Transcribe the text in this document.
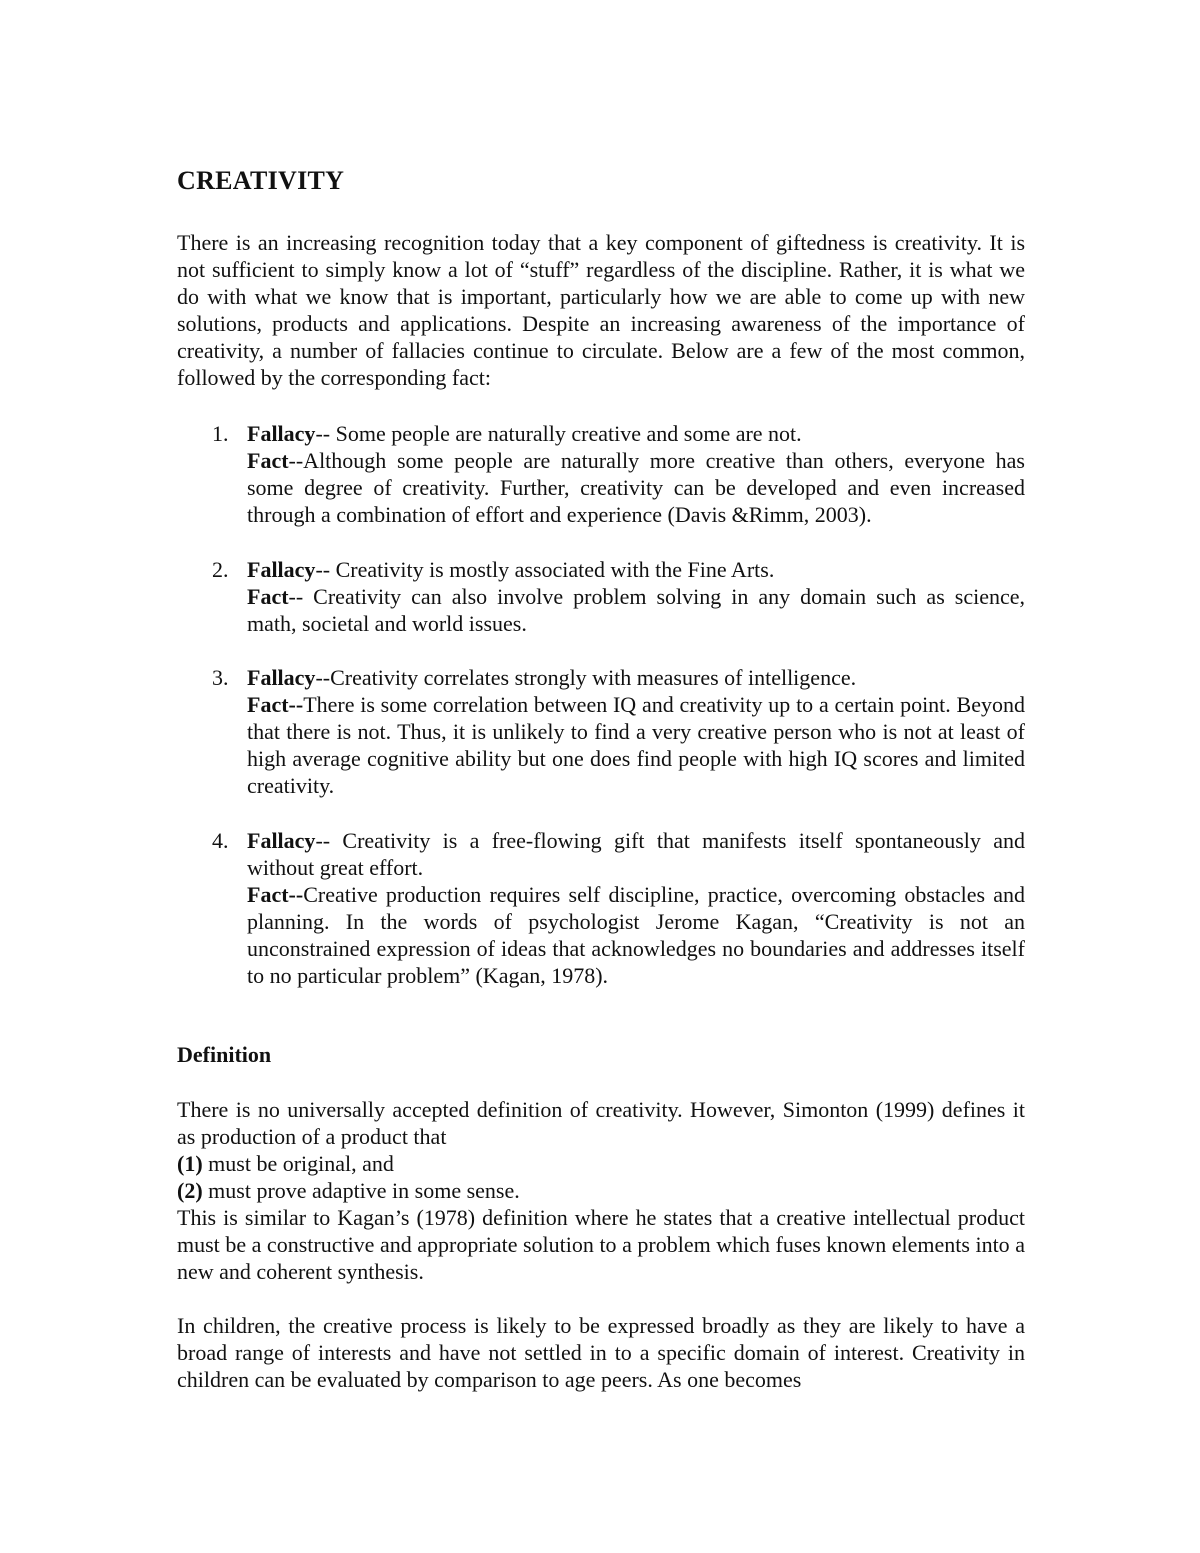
CREATIVITY

There is an increasing recognition today that a key component of giftedness is creativity. It is not sufficient to simply know a lot of “stuff” regardless of the discipline. Rather, it is what we do with what we know that is important, particularly how we are able to come up with new solutions, products and applications. Despite an increasing awareness of the importance of creativity, a number of fallacies continue to circulate. Below are a few of the most common, followed by the corresponding fact:

1. Fallacy-- Some people are naturally creative and some are not.

Fact--Although some people are naturally more creative than others, everyone has some degree of creativity. Further, creativity can be developed and even increased through a combination of effort and experience (Davis &Rimm, 2003).

2. Fallacy-- Creativity is mostly associated with the Fine Arts.

Fact-- Creativity can also involve problem solving in any domain such as science, math, societal and world issues.

3. Fallacy--Creativity correlates strongly with measures of intelligence.

Fact--There is some correlation between IQ and creativity up to a certain point. Beyond that there is not. Thus, it is unlikely to find a very creative person who is not at least of high average cognitive ability but one does find people with high IQ scores and limited creativity.

4. Fallacy-- Creativity is a free-flowing gift that manifests itself spontaneously and without great effort.

Fact--Creative production requires self discipline, practice, overcoming obstacles and planning. In the words of psychologist Jerome Kagan, “Creativity is not an unconstrained expression of ideas that acknowledges no boundaries and addresses itself to no particular problem” (Kagan, 1978).

Definition

There is no universally accepted definition of creativity. However, Simonton (1999) defines it as production of a product that

(1) must be original, and

(2) must prove adaptive in some sense.

This is similar to Kagan’s (1978) definition where he states that a creative intellectual product must be a constructive and appropriate solution to a problem which fuses known elements into a new and coherent synthesis.

In children, the creative process is likely to be expressed broadly as they are likely to have a broad range of interests and have not settled in to a specific domain of interest. Creativity in children can be evaluated by comparison to age peers. As one becomes
